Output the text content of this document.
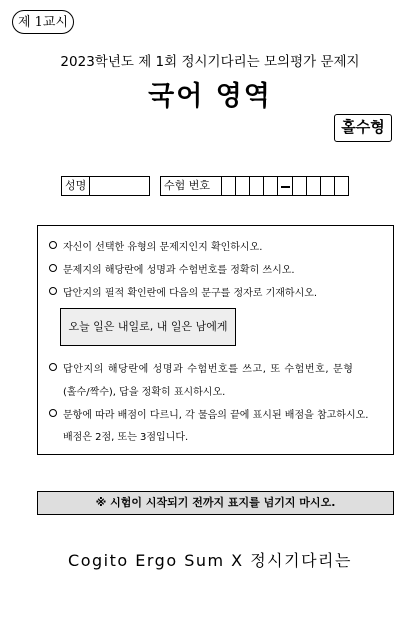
제 1교시
2023학년도 제 1회 정시기다리는 모의평가 문제지
국어 영역
홀수형
성명	수험 번호
자신이 선택한 유형의 문제지인지 확인하시오.
문제지의 해당란에 성명과 수험번호를 정확히 쓰시오.
답안지의 필적 확인란에 다음의 문구를 정자로 기재하시오.
오늘 일은 내일로, 내 일은 남에게
답안지의 해당란에 성명과 수험번호를 쓰고, 또 수험번호, 문형
(홀수/짝수), 답을 정확히 표시하시오.
문항에 따라 배점이 다르니, 각 물음의 끝에 표시된 배점을 참고하시오.
배점은 2점, 또는 3점입니다.
※ 시험이 시작되기 전까지 표지를 넘기지 마시오.
Cogito Ergo Sum X 정시기다리는
